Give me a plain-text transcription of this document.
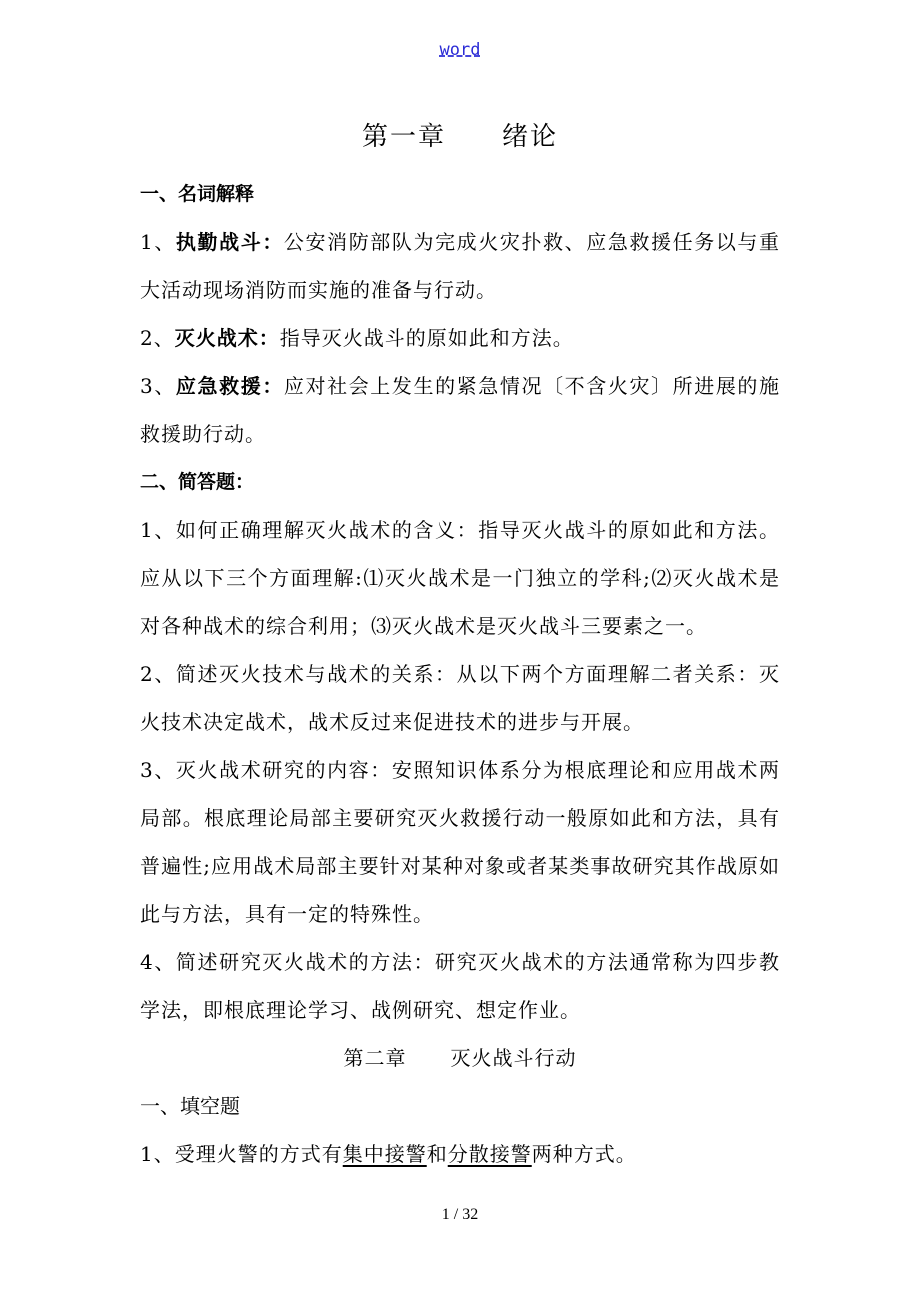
word
第一章 绪论
一、名词解释

1、执勤战斗：公安消防部队为完成火灾扑救、应急救援任务以与重大活动现场消防而实施的准备与行动。

2、灭火战术：指导灭火战斗的原如此和方法。

3、应急救援：应对社会上发生的紧急情况〔不含火灾〕所进展的施救援助行动。

二、简答题：

1、如何正确理解灭火战术的含义：指导灭火战斗的原如此和方法。应从以下三个方面理解:⑴灭火战术是一门独立的学科;⑵灭火战术是对各种战术的综合利用；⑶灭火战术是灭火战斗三要素之一。

2、简述灭火技术与战术的关系：从以下两个方面理解二者关系：灭火技术决定战术，战术反过来促进技术的进步与开展。

3、灭火战术研究的内容：安照知识体系分为根底理论和应用战术两局部。根底理论局部主要研究灭火救援行动一般原如此和方法，具有普遍性;应用战术局部主要针对某种对象或者某类事故研究其作战原如此与方法，具有一定的特殊性。

4、简述研究灭火战术的方法：研究灭火战术的方法通常称为四步教学法，即根底理论学习、战例研究、想定作业。

第二章 灭火战斗行动
一、填空题

1、受理火警的方式有集中接警和分散接警两种方式。

1 / 32
